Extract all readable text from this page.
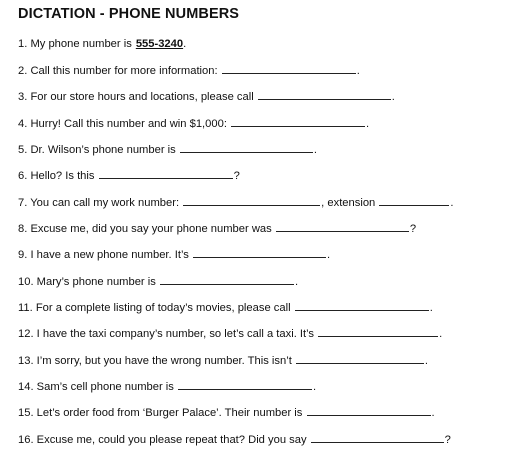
DICTATION - PHONE NUMBERS
1. My phone number is 555-3240.
2. Call this number for more information:	.
3. For our store hours and locations, please call	.
4. Hurry! Call this number and win $1,000:	.
5. Dr. Wilson’s phone number is	.
6. Hello? Is this	?
7. You can call my work number:	, extension	.
8. Excuse me, did you say your phone number was	?
9. I have a new phone number. It’s	.
10. Mary’s phone number is	.
11. For a complete listing of today’s movies, please call	.
12. I have the taxi company’s number, so let’s call a taxi. It’s	.
13. I’m sorry, but you have the wrong number. This isn’t	.
14. Sam’s cell phone number is	.
15. Let’s order food from ‘Burger Palace’. Their number is	.
16. Excuse me, could you please repeat that? Did you say	?
